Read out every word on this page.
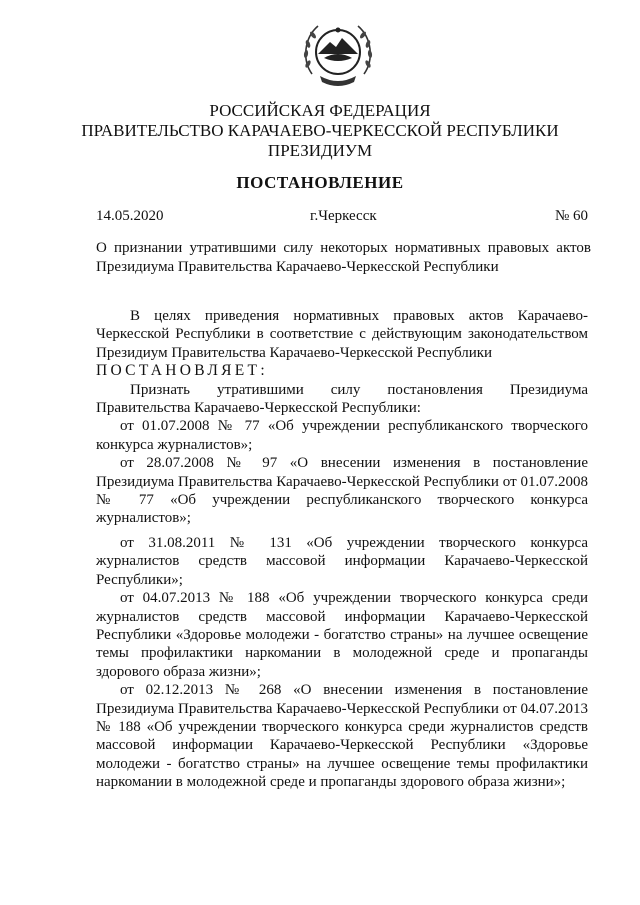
РОССИЙСКАЯ ФЕДЕРАЦИЯ
ПРАВИТЕЛЬСТВО КАРАЧАЕВО-ЧЕРКЕССКОЙ РЕСПУБЛИКИ
ПРЕЗИДИУМ
ПОСТАНОВЛЕНИЕ
14.05.2020	г.Черкесск	№ 60
О признании утратившими силу некоторых нормативных правовых актов Президиума Правительства Карачаево-Черкесской Республики

В целях приведения нормативных правовых актов Карачаево-Черкесской Республики в соответствие с действующим законодательством Президиум Правительства Карачаево-Черкесской Республики

ПОСТАНОВЛЯЕТ:

Признать утратившими силу постановления Президиума Правительства Карачаево-Черкесской Республики:

от 01.07.2008 № 77 «Об учреждении республиканского творческого конкурса журналистов»;

от 28.07.2008 № 97 «О внесении изменения в постановление Президиума Правительства Карачаево-Черкесской Республики от 01.07.2008 № 77 «Об учреждении республиканского творческого конкурса журналистов»;

от 31.08.2011 № 131 «Об учреждении творческого конкурса журналистов средств массовой информации Карачаево-Черкесской Республики»;

от 04.07.2013 № 188 «Об учреждении творческого конкурса среди журналистов средств массовой информации Карачаево-Черкесской Республики «Здоровье молодежи - богатство страны» на лучшее освещение темы профилактики наркомании в молодежной среде и пропаганды здорового образа жизни»;

от 02.12.2013 № 268 «О внесении изменения в постановление Президиума Правительства Карачаево-Черкесской Республики от 04.07.2013 № 188 «Об учреждении творческого конкурса среди журналистов средств массовой информации Карачаево-Черкесской Республики «Здоровье молодежи - богатство страны» на лучшее освещение темы профилактики наркомании в молодежной среде и пропаганды здорового образа жизни»;
